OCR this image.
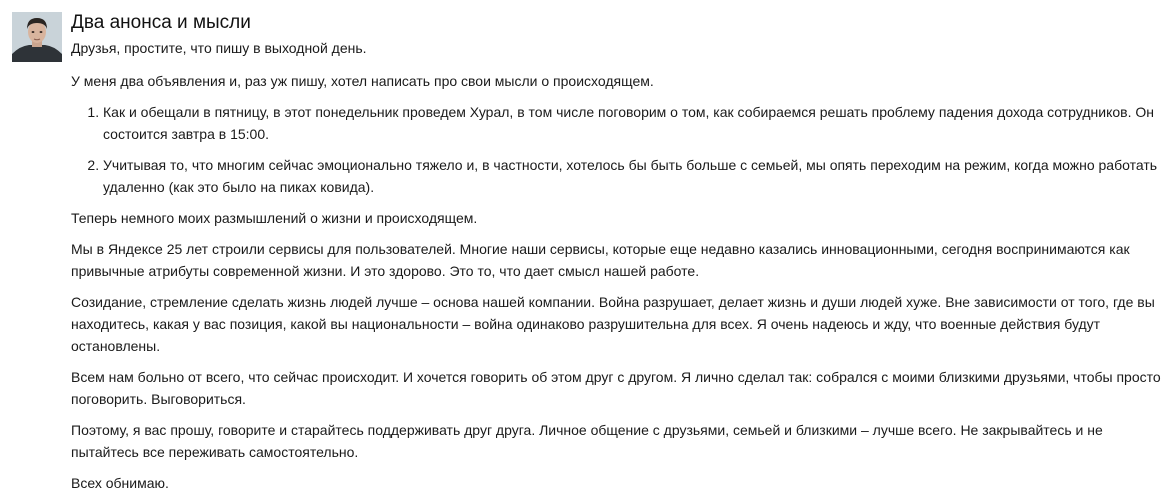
Два анонса и мысли

Друзья, простите, что пишу в выходной день.

У меня два объявления и, раз уж пишу, хотел написать про свои мысли о происходящем.

1. Как и обещали в пятницу, в этот понедельник проведем Хурал, в том числе поговорим о том, как собираемся решать проблему падения дохода сотрудников. Он состоится завтра в 15:00.
2. Учитывая то, что многим сейчас эмоционально тяжело и, в частности, хотелось бы быть больше с семьей, мы опять переходим на режим, когда можно работать удаленно (как это было на пиках ковида).

Теперь немного моих размышлений о жизни и происходящем.

Мы в Яндексе 25 лет строили сервисы для пользователей. Многие наши сервисы, которые еще недавно казались инновационными, сегодня воспринимаются как привычные атрибуты современной жизни. И это здорово. Это то, что дает смысл нашей работе.

Созидание, стремление сделать жизнь людей лучше – основа нашей компании. Война разрушает, делает жизнь и души людей хуже. Вне зависимости от того, где вы находитесь, какая у вас позиция, какой вы национальности – война одинаково разрушительна для всех. Я очень надеюсь и жду, что военные действия будут остановлены.

Всем нам больно от всего, что сейчас происходит. И хочется говорить об этом друг с другом. Я лично сделал так: собрался с моими близкими друзьями, чтобы просто поговорить. Выговориться.

Поэтому, я вас прошу, говорите и старайтесь поддерживать друг друга. Личное общение с друзьями, семьей и близкими – лучше всего. Не закрывайтесь и не пытайтесь все переживать самостоятельно.

Всех обнимаю.
